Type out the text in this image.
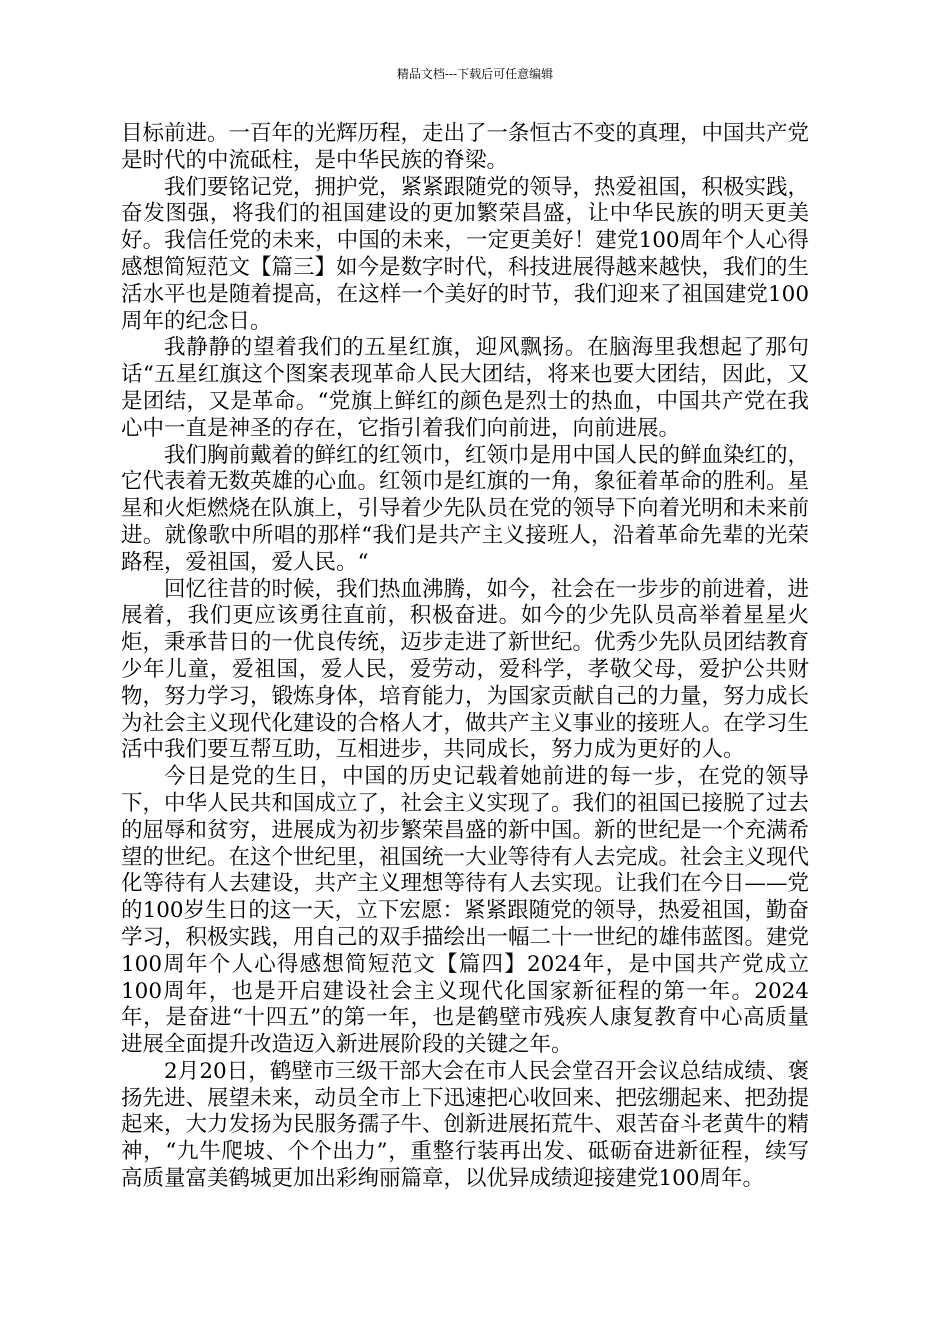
精品文档---下载后可任意编辑

目标前进。一百年的光辉历程，走出了一条恒古不变的真理，中国共产党是时代的中流砥柱，是中华民族的脊梁。

我们要铭记党，拥护党，紧紧跟随党的领导，热爱祖国，积极实践，奋发图强，将我们的祖国建设的更加繁荣昌盛，让中华民族的明天更美好。我信任党的未来，中国的未来，一定更美好！建党100周年个人心得感想简短范文【篇三】如今是数字时代，科技进展得越来越快，我们的生活水平也是随着提高，在这样一个美好的时节，我们迎来了祖国建党100周年的纪念日。

我静静的望着我们的五星红旗，迎风飘扬。在脑海里我想起了那句话“五星红旗这个图案表现革命人民大团结，将来也要大团结，因此，又是团结，又是革命。“党旗上鲜红的颜色是烈士的热血，中国共产党在我心中一直是神圣的存在，它指引着我们向前进，向前进展。

我们胸前戴着的鲜红的红领巾，红领巾是用中国人民的鲜血染红的，它代表着无数英雄的心血。红领巾是红旗的一角，象征着革命的胜利。星星和火炬燃烧在队旗上，引导着少先队员在党的领导下向着光明和未来前进。就像歌中所唱的那样“我们是共产主义接班人，沿着革命先辈的光荣路程，爱祖国，爱人民。“

回忆往昔的时候，我们热血沸腾，如今，社会在一步步的前进着，进展着，我们更应该勇往直前，积极奋进。如今的少先队员高举着星星火炬，秉承昔日的一优良传统，迈步走进了新世纪。优秀少先队员团结教育少年儿童，爱祖国，爱人民，爱劳动，爱科学，孝敬父母，爱护公共财物，努力学习，锻炼身体，培育能力，为国家贡献自己的力量，努力成长为社会主义现代化建设的合格人才，做共产主义事业的接班人。在学习生活中我们要互帮互助，互相进步，共同成长，努力成为更好的人。

今日是党的生日，中国的历史记载着她前进的每一步，在党的领导下，中华人民共和国成立了，社会主义实现了。我们的祖国已接脱了过去的屈辱和贫穷，进展成为初步繁荣昌盛的新中国。新的世纪是一个充满希望的世纪。在这个世纪里，祖国统一大业等待有人去完成。社会主义现代化等待有人去建设，共产主义理想等待有人去实现。让我们在今日——党的100岁生日的这一天，立下宏愿：紧紧跟随党的领导，热爱祖国，勤奋学习，积极实践，用自己的双手描绘出一幅二十一世纪的雄伟蓝图。建党100周年个人心得感想简短范文【篇四】2024年，是中国共产党成立100周年，也是开启建设社会主义现代化国家新征程的第一年。2024年，是奋进“十四五”的第一年，也是鹤壁市残疾人康复教育中心高质量进展全面提升改造迈入新进展阶段的关键之年。

2月20日，鹤壁市三级干部大会在市人民会堂召开会议总结成绩、褒扬先进、展望未来，动员全市上下迅速把心收回来、把弦绷起来、把劲提起来，大力发扬为民服务孺子牛、创新进展拓荒牛、艰苦奋斗老黄牛的精神，“九牛爬坡、个个出力”，重整行装再出发、砥砺奋进新征程，续写高质量富美鹤城更加出彩绚丽篇章，以优异成绩迎接建党100周年。
